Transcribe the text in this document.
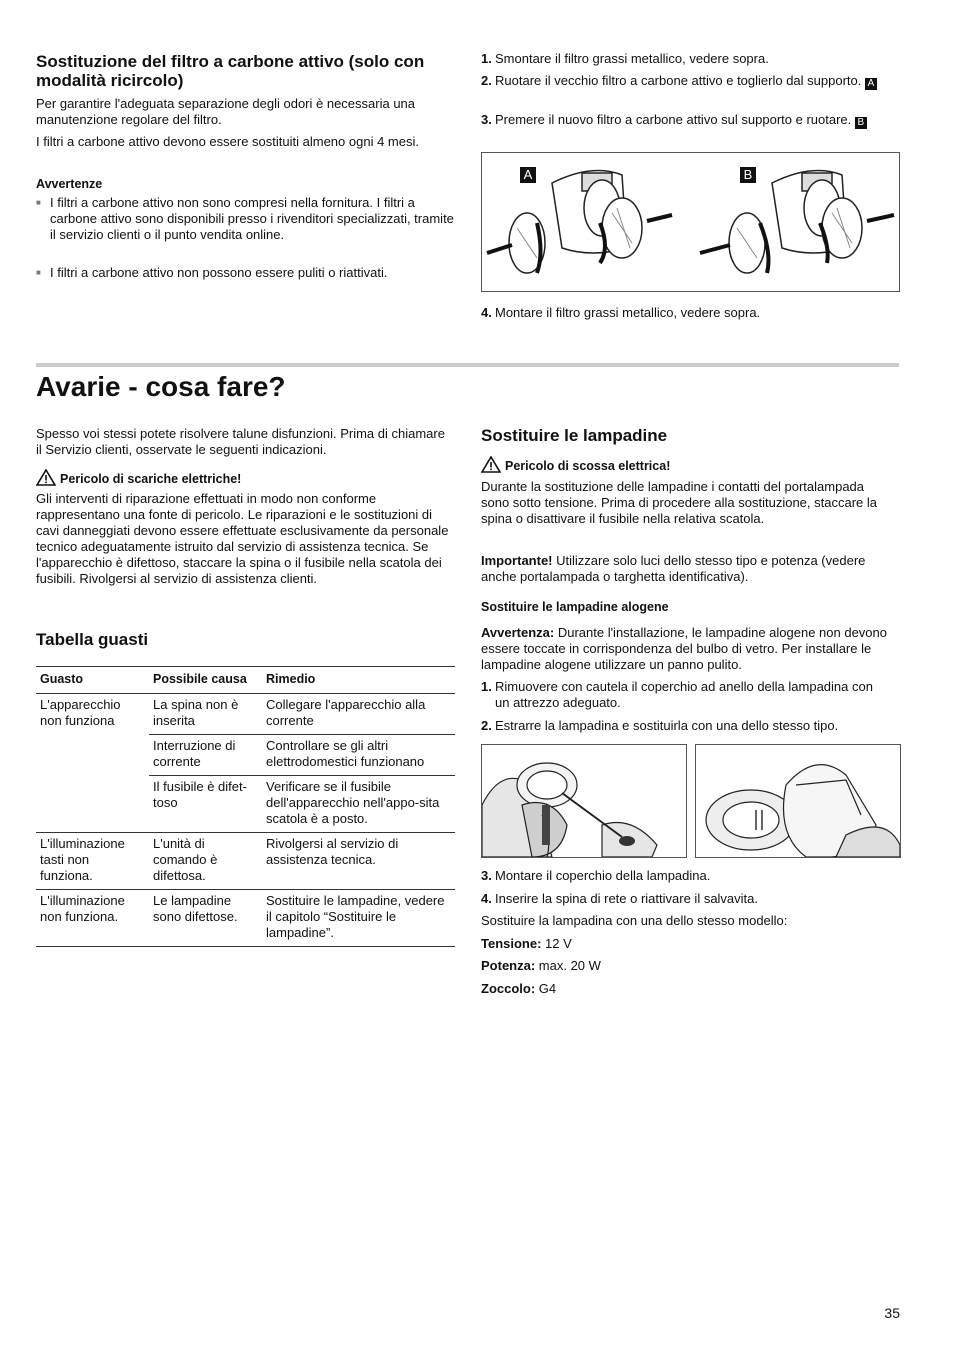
Sostituzione del filtro a carbone attivo (solo con modalità ricircolo)

Per garantire l'adeguata separazione degli odori è necessaria una manutenzione regolare del filtro.

I filtri a carbone attivo devono essere sostituiti almeno ogni 4 mesi.

Avvertenze
■ I filtri a carbone attivo non sono compresi nella fornitura. I filtri a carbone attivo sono disponibili presso i rivenditori specializzati, tramite il servizio clienti o il punto vendita online.
■ I filtri a carbone attivo non possono essere puliti o riattivati.
1. Smontare il filtro grassi metallico, vedere sopra.
2. Ruotare il vecchio filtro a carbone attivo e toglierlo dal supporto. A
3. Premere il nuovo filtro a carbone attivo sul supporto e ruotare. B
A	B
4. Montare il filtro grassi metallico, vedere sopra.
Avarie - cosa fare?

Spesso voi stessi potete risolvere talune disfunzioni. Prima di chiamare il Servizio clienti, osservate le seguenti indicazioni.

Pericolo di scariche elettriche!

Gli interventi di riparazione effettuati in modo non conforme rappresentano una fonte di pericolo. Le riparazioni e le sostituzioni di cavi danneggiati devono essere effettuate esclusivamente da personale tecnico adeguatamente istruito dal servizio di assistenza tecnica. Se l'apparecchio è difettoso, staccare la spina o il fusibile nella scatola dei fusibili. Rivolgersi al servizio di assistenza clienti.

Tabella guasti
Guasto	Possibile causa	Rimedio
L'apparecchio non funziona	La spina non è inserita	Collegare l'apparecchio alla corrente
	Interruzione di corrente	Controllare se gli altri elettrodomestici funzionano
	Il fusibile è difet-toso	Verificare se il fusibile dell'apparecchio nell'appo-sita scatola è a posto.
L'illuminazione tasti non funziona.	L'unità di comando è difettosa.	Rivolgersi al servizio di assistenza tecnica.
L'illuminazione non funziona.	Le lampadine sono difettose.	Sostituire le lampadine, vedere il capitolo “Sostituire le lampadine”.
Sostituire le lampadine
Pericolo di scossa elettrica!

Durante la sostituzione delle lampadine i contatti del portalampada sono sotto tensione. Prima di procedere alla sostituzione, staccare la spina o disattivare il fusibile nella relativa scatola.

Importante! Utilizzare solo luci dello stesso tipo e potenza (vedere anche portalampada o targhetta identificativa).

Sostituire le lampadine alogene

Avvertenza: Durante l'installazione, le lampadine alogene non devono essere toccate in corrispondenza del bulbo di vetro. Per installare le lampadine alogene utilizzare un panno pulito.

1. Rimuovere con cautela il coperchio ad anello della lampadina con un attrezzo adeguato.
2. Estrarre la lampadina e sostituirla con una dello stesso tipo.
3. Montare il coperchio della lampadina.
4. Inserire la spina di rete o riattivare il salvavita.

Sostituire la lampadina con una dello stesso modello:

Tensione: 12 V
Potenza: max. 20 W
Zoccolo: G4
35
